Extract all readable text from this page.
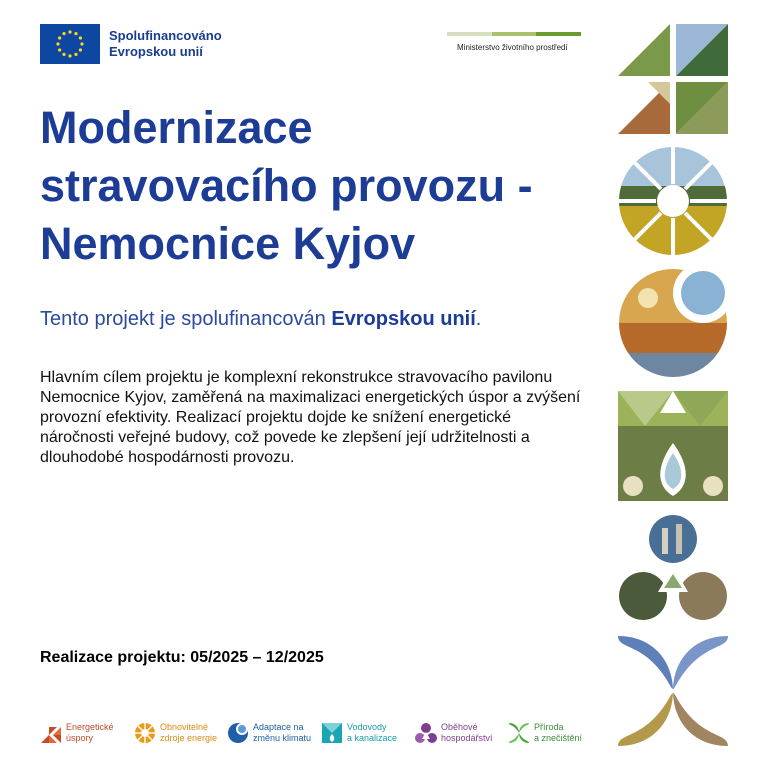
Spolufinancováno
Evropskou unií	Ministerstvo životního prostředí
Modernizace
stravovacího provozu -
Nemocnice Kyjov

Tento projekt je spolufinancován Evropskou unií.

Hlavním cílem projektu je komplexní rekonstrukce stravovacího pavilonu Nemocnice Kyjov, zaměřená na maximalizaci energetických úspor a zvýšení provozní efektivity. Realizací projektu dojde ke snížení energetické náročnosti veřejné budovy, což povede ke zlepšení její udržitelnosti a dlouhodobé hospodárnosti provozu.

Realizace projektu: 05/2025 – 12/2025
Energetické
úspory
Obnovitelné
zdroje energie
Adaptace na
změnu klimatu
Vodovody
a kanalizace
Oběhové
hospodářství
Příroda
a znečištění
